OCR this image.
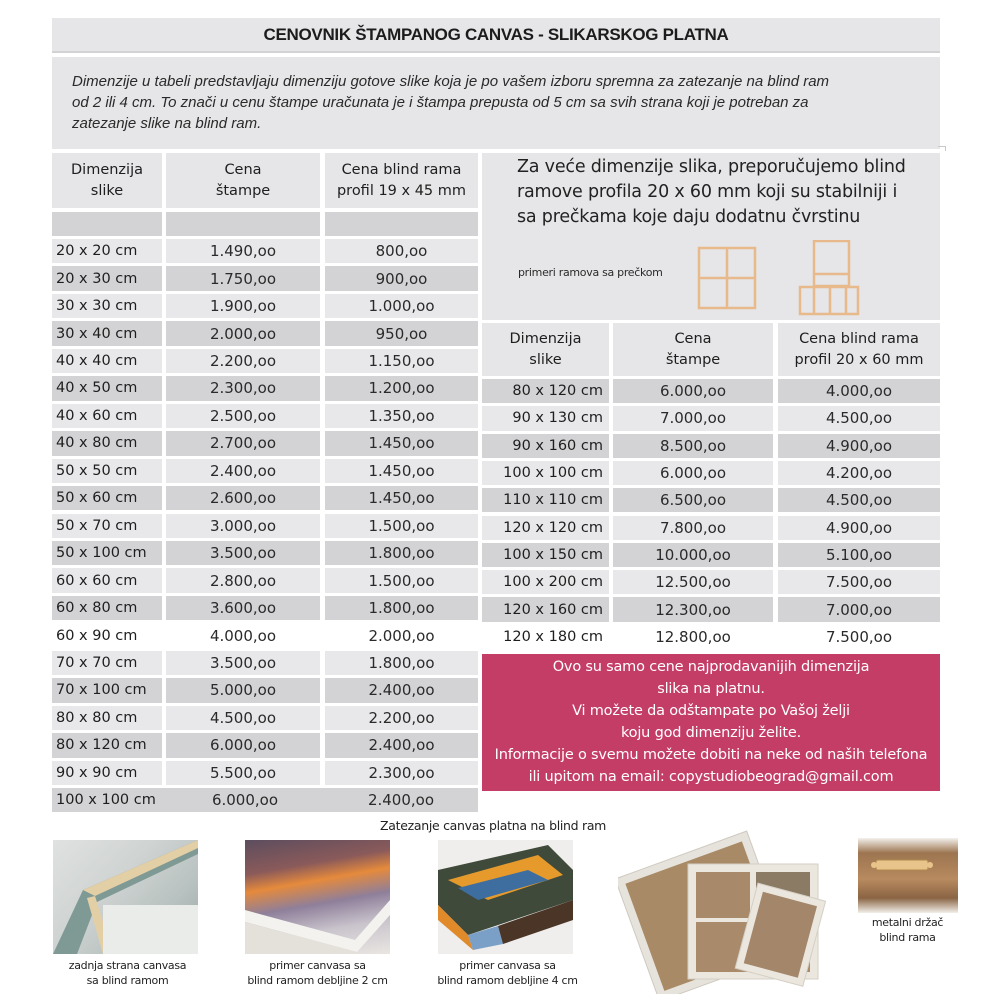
CENOVNIK ŠTAMPANOG CANVAS - SLIKARSKOG PLATNA
Dimenzije u tabeli predstavljaju dimenziju gotove slike koja je po vašem izboru spremna za zatezanje na blind ram
od 2 ili 4 cm. To znači u cenu štampe uračunata je i štampa prepusta od 5 cm sa svih strana koji je potreban za
zatezanje slike na blind ram.
Dimenzija
slike
Cena
štampe
Cena blind rama
profil 19 x 45 mm
20 x 20 cm	1.490,oo	800,oo
20 x 30 cm	1.750,oo	900,oo
30 x 30 cm	1.900,oo	1.000,oo
30 x 40 cm	2.000,oo	950,oo
40 x 40 cm	2.200,oo	1.150,oo
40 x 50 cm	2.300,oo	1.200,oo
40 x 60 cm	2.500,oo	1.350,oo
40 x 80 cm	2.700,oo	1.450,oo
50 x 50 cm	2.400,oo	1.450,oo
50 x 60 cm	2.600,oo	1.450,oo
50 x 70 cm	3.000,oo	1.500,oo
50 x 100 cm	3.500,oo	1.800,oo
60 x 60 cm	2.800,oo	1.500,oo
60 x 80 cm	3.600,oo	1.800,oo
60 x 90 cm	4.000,oo	2.000,oo
70 x 70 cm	3.500,oo	1.800,oo
70 x 100 cm	5.000,oo	2.400,oo
80 x 80 cm	4.500,oo	2.200,oo
80 x 120 cm	6.000,oo	2.400,oo
90 x 90 cm	5.500,oo	2.300,oo
100 x 100 cm	6.000,oo	2.400,oo
Za veće dimenzije slika, preporučujemo blind
ramove profila 20 x 60 mm koji su stabilniji i
sa prečkama koje daju dodatnu čvrstinu
primeri ramova sa prečkom
Dimenzija
slike
Cena
štampe
Cena blind rama
profil 20 x 60 mm
80 x 120 cm	6.000,oo	4.000,oo
90 x 130 cm	7.000,oo	4.500,oo
90 x 160 cm	8.500,oo	4.900,oo
100 x 100 cm	6.000,oo	4.200,oo
110 x 110 cm	6.500,oo	4.500,oo
120 x 120 cm	7.800,oo	4.900,oo
100 x 150 cm	10.000,oo	5.100,oo
100 x 200 cm	12.500,oo	7.500,oo
120 x 160 cm	12.300,oo	7.000,oo
120 x 180 cm	12.800,oo	7.500,oo
Ovo su samo cene najprodavanijih dimenzija
slika na platnu.
Vi možete da odštampate po Vašoj želji
koju god dimenziju želite.
Informacije o svemu možete dobiti na neke od naših telefona
ili upitom na email: copystudiobeograd@gmail.com
Zatezanje canvas platna na blind ram
zadnja strana canvasa
sa blind ramom
primer canvasa sa
blind ramom debljine 2 cm
primer canvasa sa
blind ramom debljine 4 cm
metalni držač
blind rama
